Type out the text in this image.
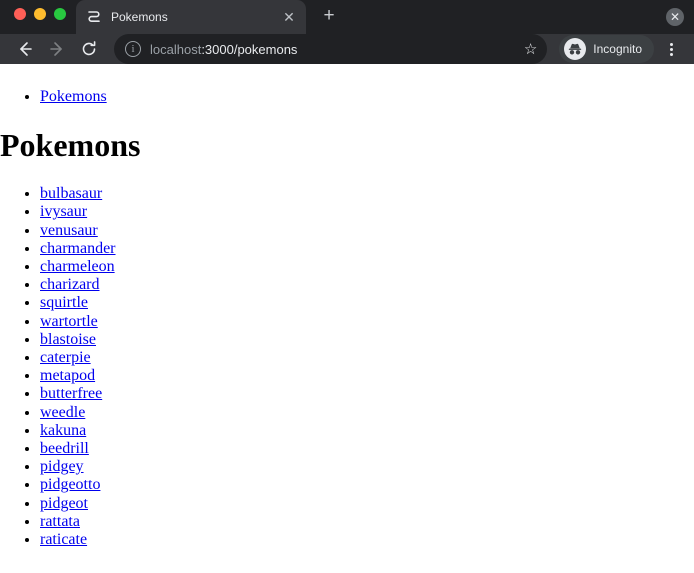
Pokemons	✕	+	✕
i	localhost:3000/pokemons	☆	Incognito
• Pokemons
Pokemons
• bulbasaur
• ivysaur
• venusaur
• charmander
• charmeleon
• charizard
• squirtle
• wartortle
• blastoise
• caterpie
• metapod
• butterfree
• weedle
• kakuna
• beedrill
• pidgey
• pidgeotto
• pidgeot
• rattata
• raticate
